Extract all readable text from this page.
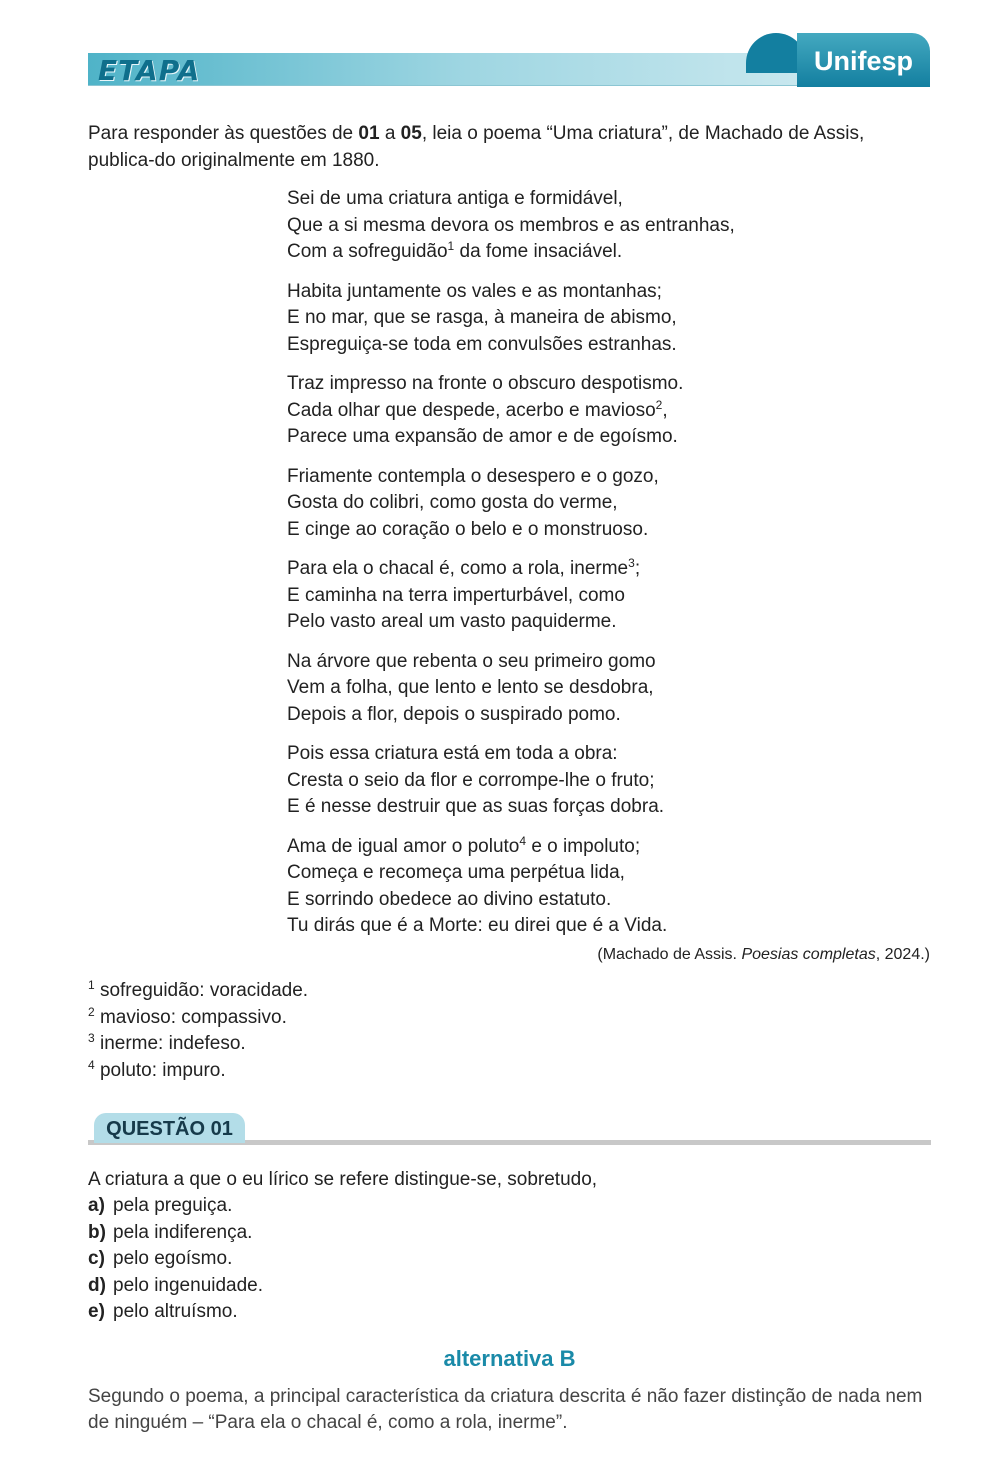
ETAPA	Unifesp
Para responder às questões de 01 a 05, leia o poema “Uma criatura”, de Machado de Assis, publica-do originalmente em 1880.
Sei de uma criatura antiga e formidável,
Que a si mesma devora os membros e as entranhas,
Com a sofreguidão$^1$ da fome insaciável.
Habita juntamente os vales e as montanhas;
E no mar, que se rasga, à maneira de abismo,
Espreguiça-se toda em convulsões estranhas.
Traz impresso na fronte o obscuro despotismo.
Cada olhar que despede, acerbo e mavioso$^2$,
Parece uma expansão de amor e de egoísmo.
Friamente contempla o desespero e o gozo,
Gosta do colibri, como gosta do verme,
E cinge ao coração o belo e o monstruoso.
Para ela o chacal é, como a rola, inerme$^3$;
E caminha na terra imperturbável, como
Pelo vasto areal um vasto paquiderme.
Na árvore que rebenta o seu primeiro gomo
Vem a folha, que lento e lento se desdobra,
Depois a flor, depois o suspirado pomo.
Pois essa criatura está em toda a obra:
Cresta o seio da flor e corrompe-lhe o fruto;
E é nesse destruir que as suas forças dobra.
Ama de igual amor o poluto$^4$ e o impoluto;
Começa e recomeça uma perpétua lida,
E sorrindo obedece ao divino estatuto.
Tu dirás que é a Morte: eu direi que é a Vida.
(Machado de Assis. Poesias completas, 2024.)
$^1$ sofreguidão: voracidade.
$^2$ mavioso: compassivo.
$^3$ inerme: indefeso.
$^4$ poluto: impuro.
QUESTÃO 01
A criatura a que o eu lírico se refere distingue-se, sobretudo,
a) pela preguiça.
b) pela indiferença.
c) pelo egoísmo.
d) pelo ingenuidade.
e) pelo altruísmo.
alternativa B
Segundo o poema, a principal característica da criatura descrita é não fazer distinção de nada nem de ninguém – “Para ela o chacal é, como a rola, inerme”.
